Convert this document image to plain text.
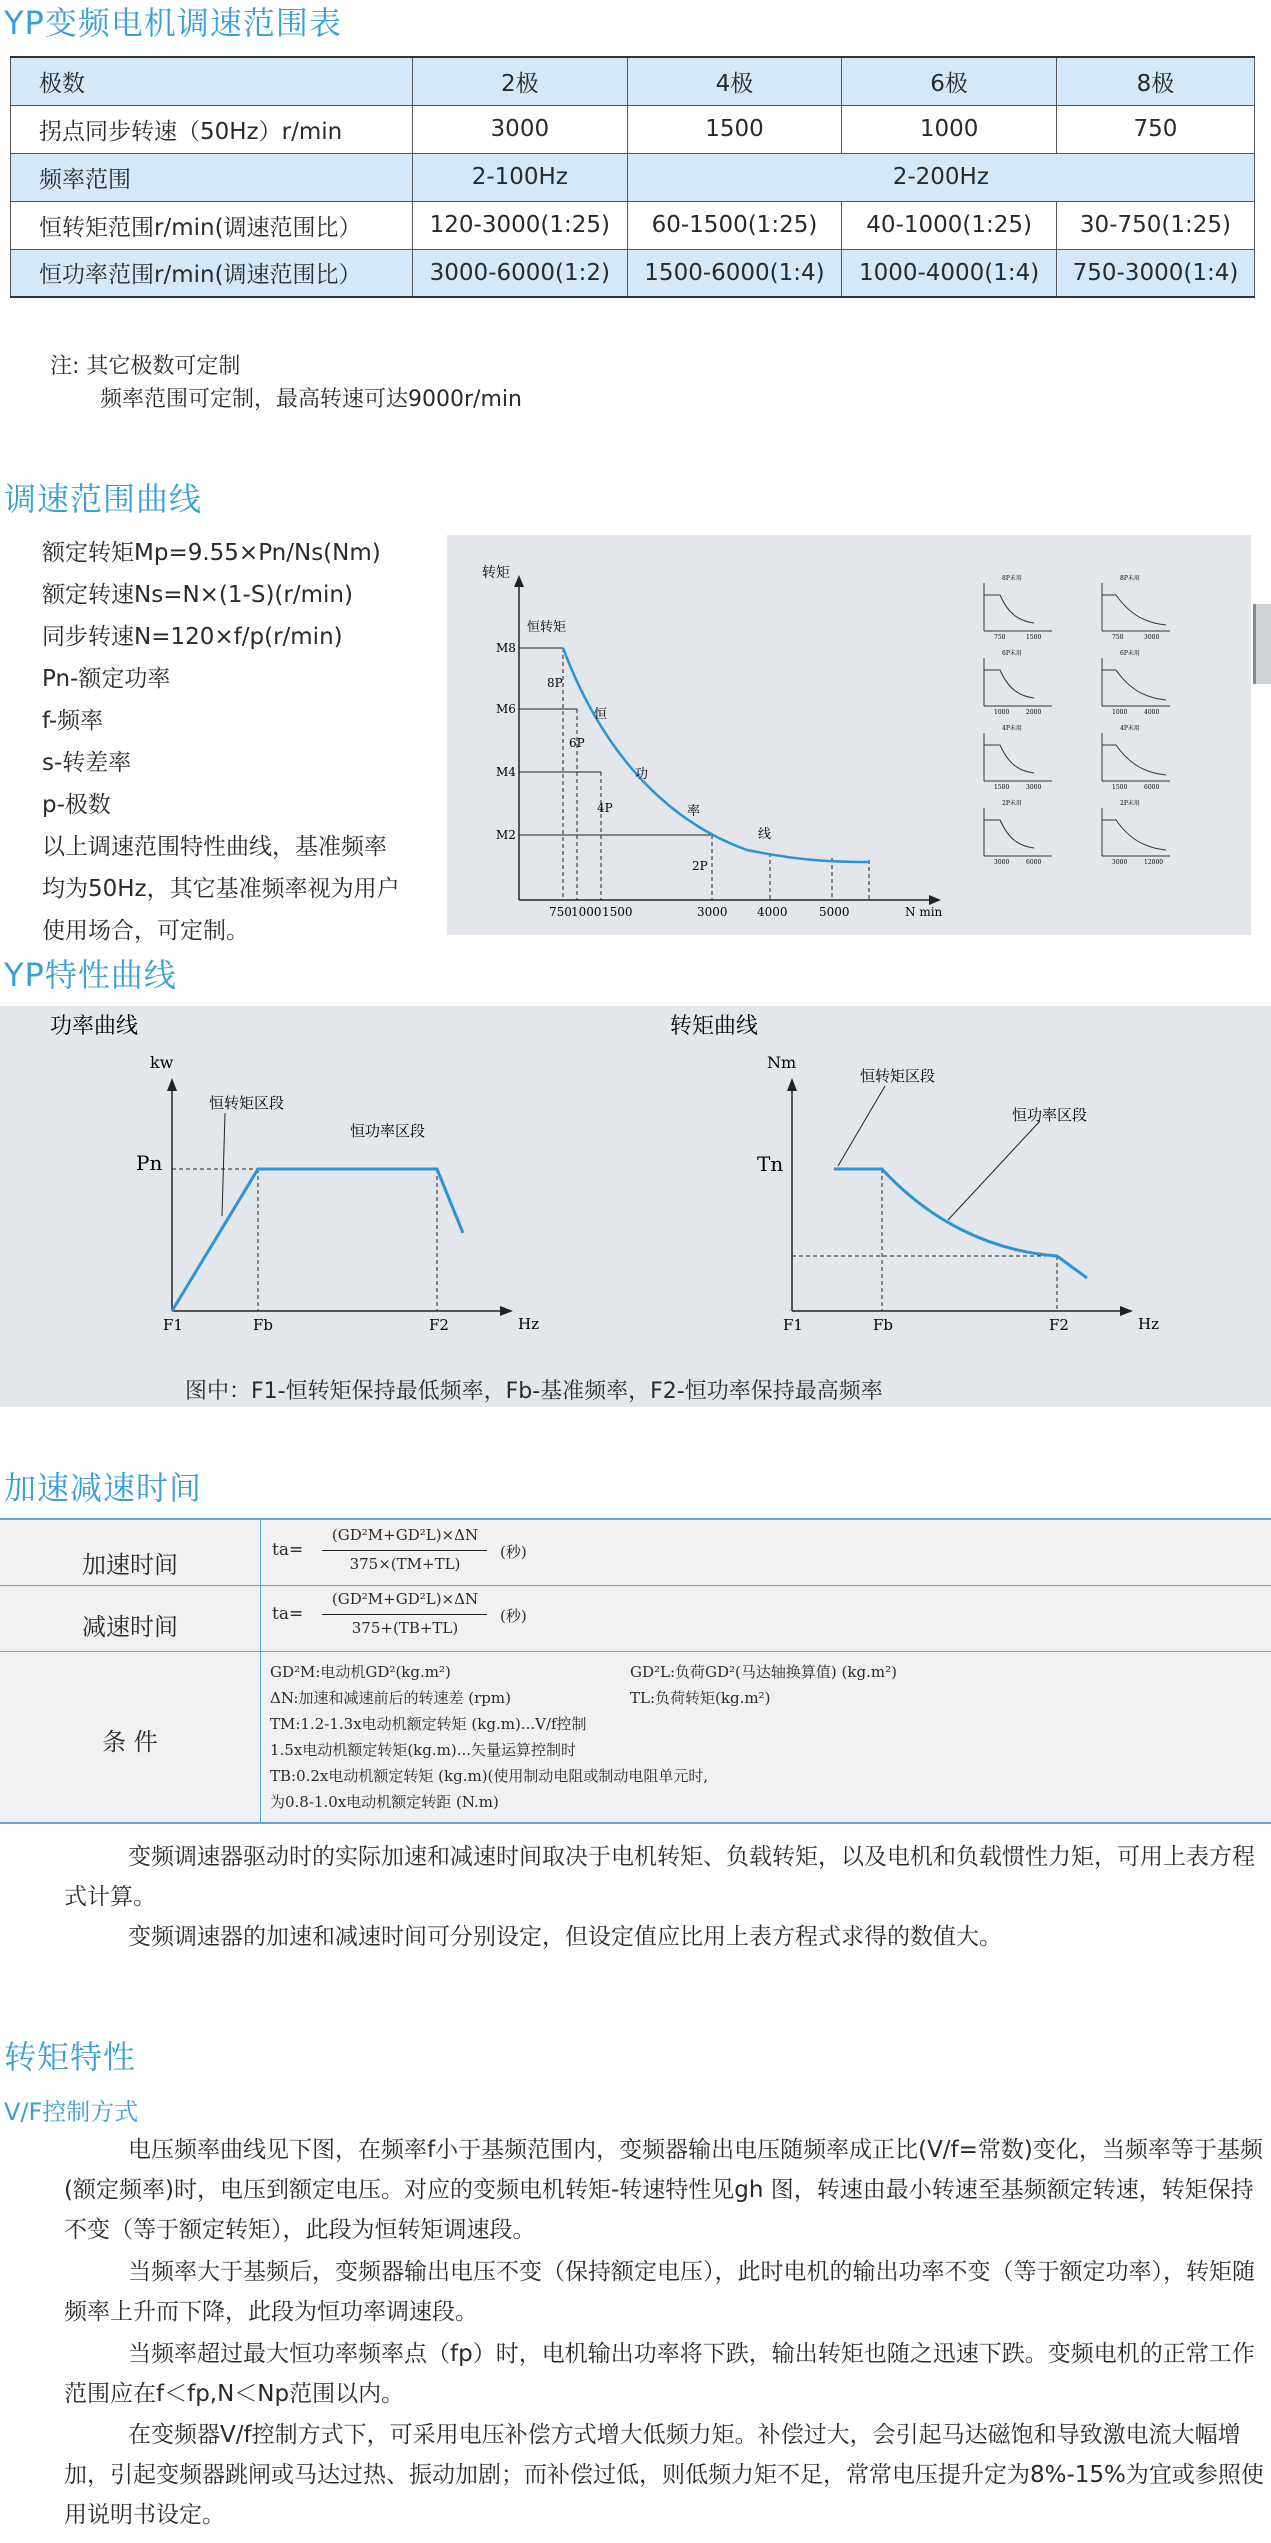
YP变频电机调速范围表
极数	2极	4极	6极	8极
拐点同步转速（50Hz）r/min	3000	1500	1000	750
频率范围	2-100Hz	2-200Hz		
恒转矩范围r/min(调速范围比）	120-3000(1:25)	60-1500(1:25)	40-1000(1:25)	30-750(1:25)
恒功率范围r/min(调速范围比）	3000-6000(1:2)	1500-6000(1:4)	1000-4000(1:4)	750-3000(1:4)
注: 其它极数可定制
频率范围可定制，最高转速可达9000r/min
调速范围曲线
额定转矩Mp=9.55×Pn/Ns(Nm)
额定转速Ns=N×(1-S)(r/min)
同步转速N=120×f/p(r/min)
Pn-额定功率
f-频率
s-转差率
p-极数
以上调速范围特性曲线，基准频率
均为50Hz，其它基准频率视为用户
使用场合，可定制。
转矩
N min
M8
M6
M4
M2
750 1000 1500	3000 4000	5000
8P
6P
4P
2P
恒转矩
恒
功
率
线
8P未用
750	1500
8P未用
750	3000
6P未用
1000	2000
6P未用
1000	4000
4P未用
1500	3000
4P未用
1500	6000
2P未用
3000	6000
2P未用
3000	12000
YP特性曲线
功率曲线
kw
Hz
Pn
恒转矩区段
恒功率区段
F1	Fb	F2
转矩曲线
Nm
Hz
Tn
恒转矩区段
恒功率区段
F1	Fb	F2
图中：F1-恒转矩保持最低频率，Fb-基准频率，F2-恒功率保持最高频率
加速减速时间
加速时间
ta=
(GD²M+GD²L)×ΔN
375×(TM+TL)
(秒)
减速时间	ta=
(GD²M+GD²L)×ΔN
375+(TB+TL)
(秒)
条 件
GD²M:电动机GD²(kg.m²)	GD²L:负荷GD²(马达轴换算值) (kg.m²)
ΔN:加速和减速前后的转速差 (rpm)	TL:负荷转矩(kg.m²)
TM:1.2-1.3x电动机额定转矩 (kg.m)...V/f控制
1.5x电动机额定转矩(kg.m)...矢量运算控制时
TB:0.2x电动机额定转矩 (kg.m)(使用制动电阻或制动电阻单元时,
为0.8-1.0x电动机额定转距 (N.m)
变频调速器驱动时的实际加速和减速时间取决于电机转矩、负载转矩，以及电机和负载惯性力矩，可用上表方程式计算。
变频调速器的加速和减速时间可分别设定，但设定值应比用上表方程式求得的数值大。
转矩特性
V/F控制方式
电压频率曲线见下图，在频率f小于基频范围内，变频器输出电压随频率成正比(V/f=常数)变化，当频率等于基频(额定频率)时，电压到额定电压。对应的变频电机转矩-转速特性见gh 图，转速由最小转速至基频额定转速，转矩保持不变（等于额定转矩），此段为恒转矩调速段。
当频率大于基频后，变频器输出电压不变（保持额定电压），此时电机的输出功率不变（等于额定功率），转矩随频率上升而下降，此段为恒功率调速段。
当频率超过最大恒功率频率点（fp）时，电机输出功率将下跌，输出转矩也随之迅速下跌。变频电机的正常工作范围应在f＜fp,N＜Np范围以内。
在变频器V/f控制方式下，可采用电压补偿方式增大低频力矩。补偿过大，会引起马达磁饱和导致激电流大幅增加，引起变频器跳闸或马达过热、振动加剧；而补偿过低，则低频力矩不足，常常电压提升定为8%-15%为宜或参照使用说明书设定。
